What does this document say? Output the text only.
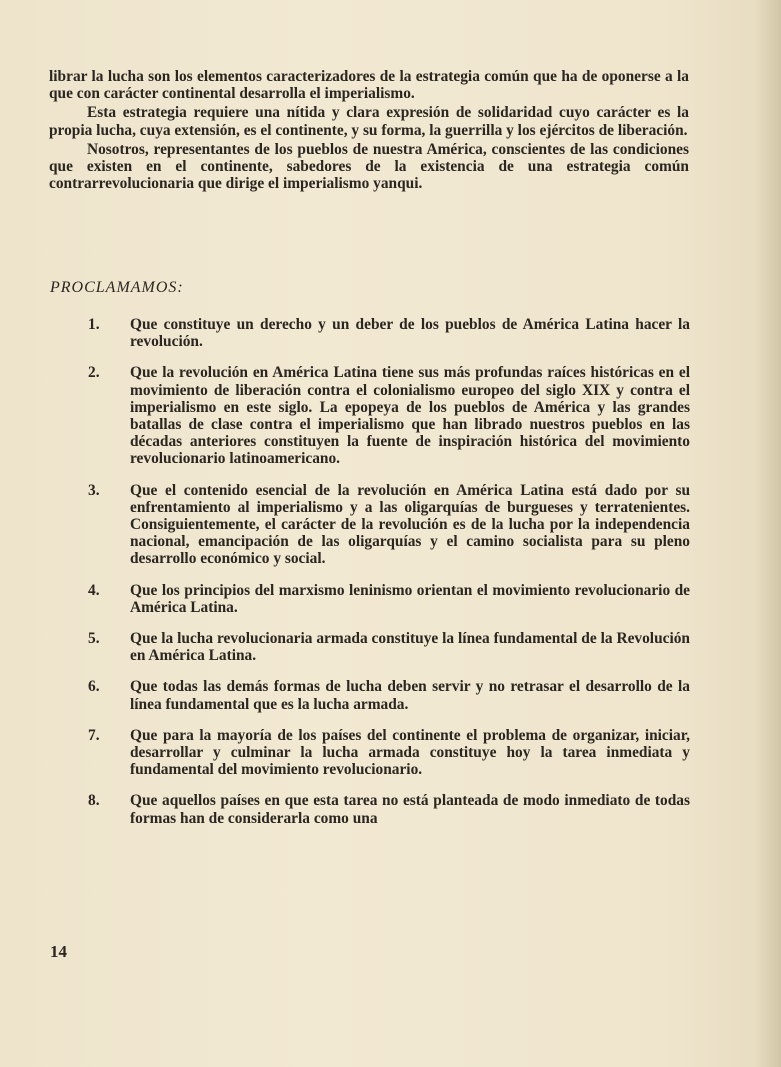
librar la lucha son los elementos caracterizadores de la estrategia común que ha de oponerse a la que con carácter continental desarrolla el imperialismo.

Esta estrategia requiere una nítida y clara expresión de solidaridad cuyo carácter es la propia lucha, cuya extensión, es el continente, y su forma, la guerrilla y los ejércitos de liberación.

Nosotros, representantes de los pueblos de nuestra América, conscientes de las condiciones que existen en el continente, sabedores de la existencia de una estrategia común contrarrevolucionaria que dirige el imperialismo yanqui.

PROCLAMAMOS:
1.	Que constituye un derecho y un deber de los pueblos de América Latina hacer la revolución.
2.	Que la revolución en América Latina tiene sus más profundas raíces históricas en el movimiento de liberación contra el colonialismo europeo del siglo XIX y contra el imperialismo en este siglo. La epopeya de los pueblos de América y las grandes batallas de clase contra el imperialismo que han librado nuestros pueblos en las décadas anteriores constituyen la fuente de inspiración histórica del movimiento revolucionario latinoamericano.
3.	Que el contenido esencial de la revolución en América Latina está dado por su enfrentamiento al imperialismo y a las oligarquías de burgueses y terratenientes. Consiguientemente, el carácter de la revolución es de la lucha por la independencia nacional, emancipación de las oligarquías y el camino socialista para su pleno desarrollo económico y social.
4.	Que los principios del marxismo leninismo orientan el movimiento revolucionario de América Latina.
5.	Que la lucha revolucionaria armada constituye la línea fundamental de la Revolución en América Latina.
6.	Que todas las demás formas de lucha deben servir y no retrasar el desarrollo de la línea fundamental que es la lucha armada.
7.	Que para la mayoría de los países del continente el problema de organizar, iniciar, desarrollar y culminar la lucha armada constituye hoy la tarea inmediata y fundamental del movimiento revolucionario.
8.	Que aquellos países en que esta tarea no está planteada de modo inmediato de todas formas han de considerarla como una
14
